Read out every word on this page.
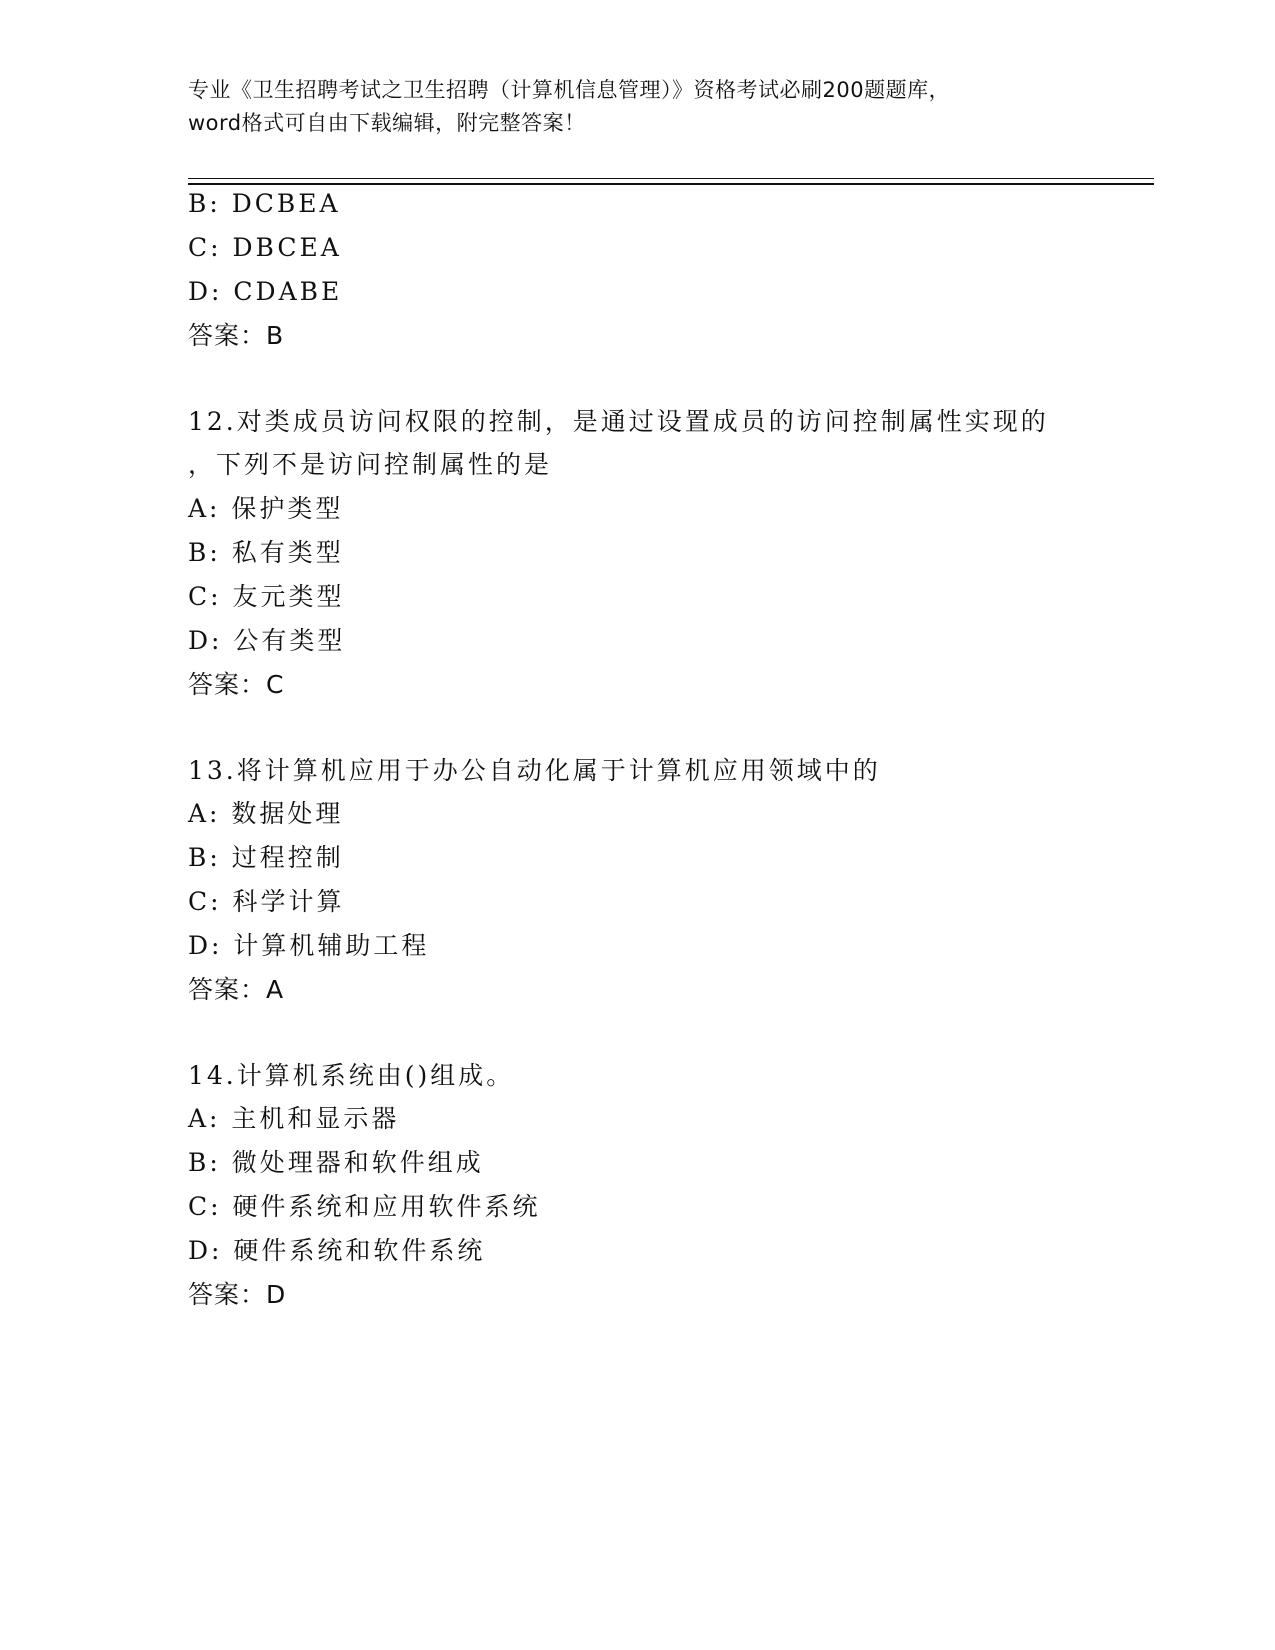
专业《卫生招聘考试之卫生招聘（计算机信息管理）》资格考试必刷200题题库，
word格式可自由下载编辑，附完整答案！
B: DCBEA
C: DBCEA
D: CDABE
答案：B
12.对类成员访问权限的控制，是通过设置成员的访问控制属性实现的
，下列不是访问控制属性的是
A: 保护类型
B: 私有类型
C: 友元类型
D: 公有类型
答案：C
13.将计算机应用于办公自动化属于计算机应用领域中的
A: 数据处理
B: 过程控制
C: 科学计算
D: 计算机辅助工程
答案：A
14.计算机系统由()组成。
A: 主机和显示器
B: 微处理器和软件组成
C: 硬件系统和应用软件系统
D: 硬件系统和软件系统
答案：D
